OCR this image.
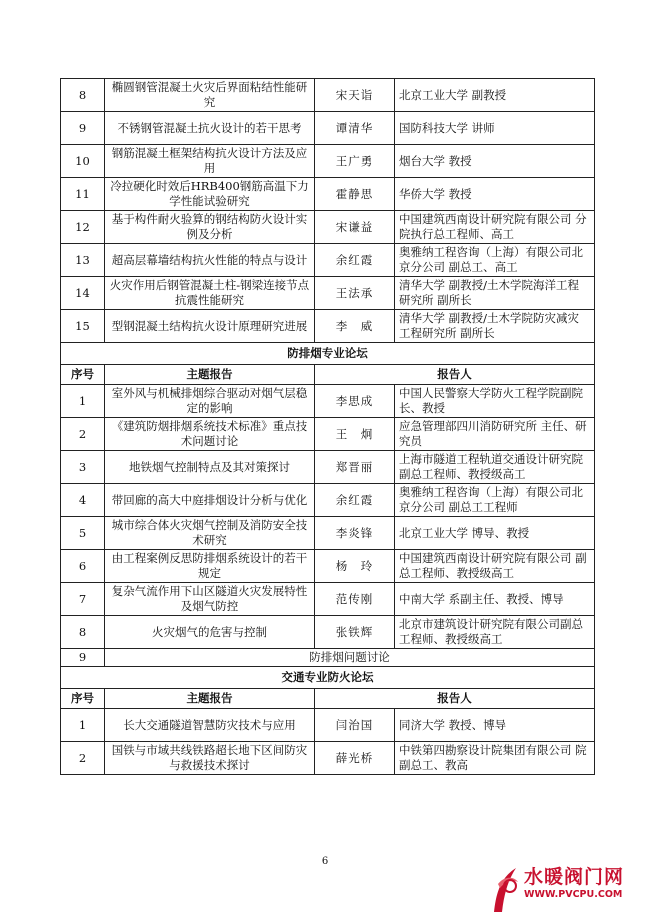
8	椭圆钢管混凝土火灾后界面粘结性能研究	宋天诣	北京工业大学 副教授
9	不锈钢管混凝土抗火设计的若干思考	谭清华	国防科技大学 讲师
10	钢筋混凝土框架结构抗火设计方法及应用	王广勇	烟台大学 教授
11	冷拉硬化时效后HRB400钢筋高温下力学性能试验研究	霍静思	华侨大学 教授
12	基于构件耐火验算的钢结构防火设计实例及分析	宋谦益	中国建筑西南设计研究院有限公司 分院执行总工程师、高工
13	超高层幕墙结构抗火性能的特点与设计	余红霞	奥雅纳工程咨询（上海）有限公司北京分公司 副总工、高工
14	火灾作用后钢管混凝土柱-钢梁连接节点抗震性能研究	王法承	清华大学 副教授/土木学院海洋工程研究所 副所长
15	型钢混凝土结构抗火设计原理研究进展	李　威	清华大学 副教授/土木学院防灾减灾工程研究所 副所长
防排烟专业论坛			
序号	主题报告	报告人	
1	室外风与机械排烟综合驱动对烟气层稳定的影响	李思成	中国人民警察大学防火工程学院副院长、教授
2	《建筑防烟排烟系统技术标准》重点技术问题讨论	王　炯	应急管理部四川消防研究所 主任、研究员
3	地铁烟气控制特点及其对策探讨	郑晋丽	上海市隧道工程轨道交通设计研究院 副总工程师、教授级高工
4	带回廊的高大中庭排烟设计分析与优化	余红霞	奥雅纳工程咨询（上海）有限公司北京分公司 副总工工程师
5	城市综合体火灾烟气控制及消防安全技术研究	李炎锋	北京工业大学 博导、教授
6	由工程案例反思防排烟系统设计的若干规定	杨　玲	中国建筑西南设计研究院有限公司 副总工程师、教授级高工
7	复杂气流作用下山区隧道火灾发展特性及烟气防控	范传刚	中南大学 系副主任、教授、博导
8	火灾烟气的危害与控制	张铁辉	北京市建筑设计研究院有限公司副总工程师、教授级高工
9	防排烟问题讨论		
交通专业防火论坛			
序号	主题报告	报告人	
1	长大交通隧道智慧防灾技术与应用	闫治国	同济大学 教授、博导
2	国铁与市域共线铁路超长地下区间防灾与救援技术探讨	薛光桥	中铁第四勘察设计院集团有限公司 院副总工、教高
6
水暖阀门网
WWW.PVCPU.COM
